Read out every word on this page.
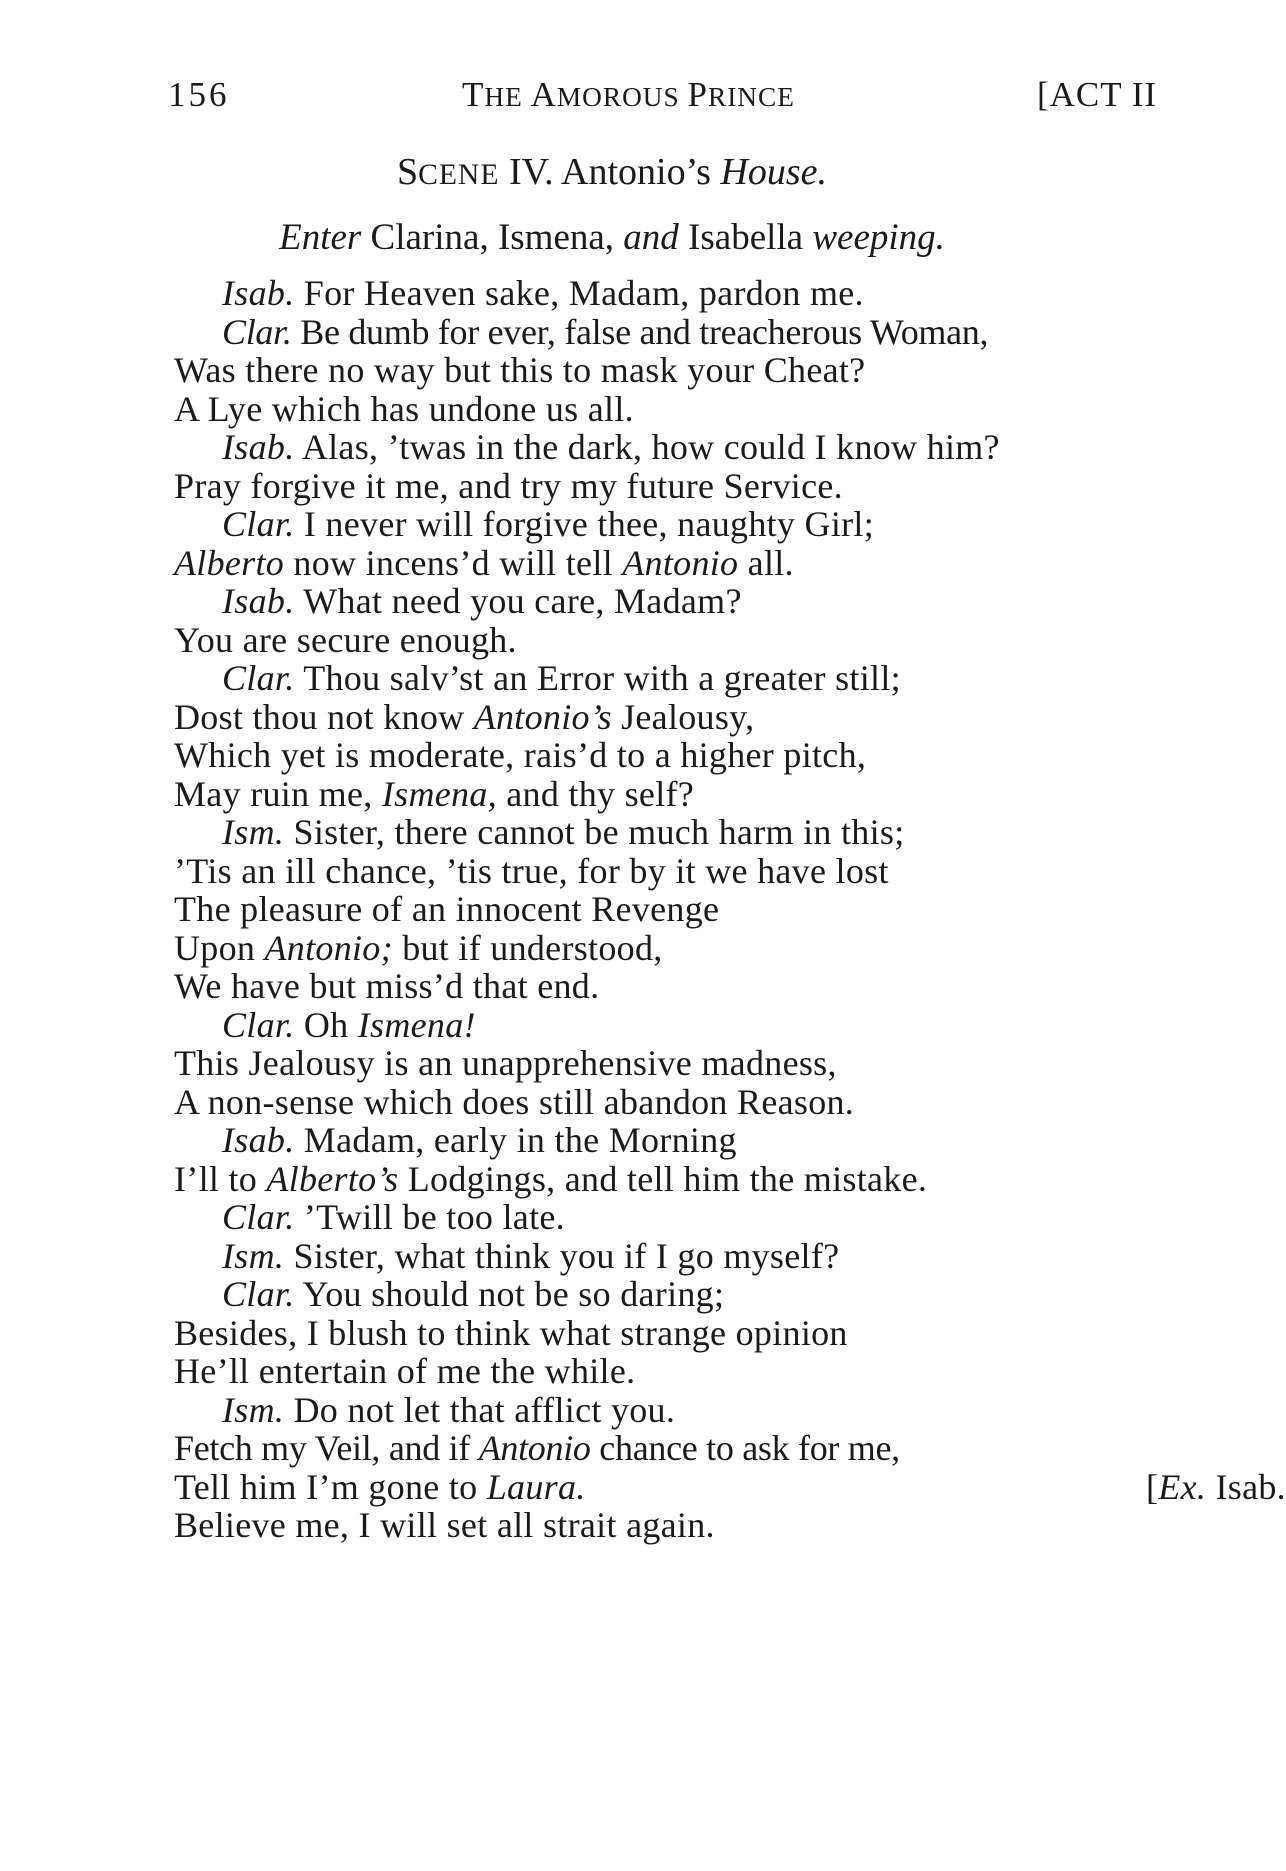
156	THE AMOROUS PRINCE	[ACT II
SCENE IV. Antonio’s House.
Enter Clarina, Ismena, and Isabella weeping.
Isab. For Heaven sake, Madam, pardon me.
Clar. Be dumb for ever, false and treacherous Woman,
Was there no way but this to mask your Cheat?
A Lye which has undone us all.
Isab. Alas, ’twas in the dark, how could I know him?
Pray forgive it me, and try my future Service.
Clar. I never will forgive thee, naughty Girl;
Alberto now incens’d will tell Antonio all.
Isab. What need you care, Madam?
You are secure enough.
Clar. Thou salv’st an Error with a greater still;
Dost thou not know Antonio’s Jealousy,
Which yet is moderate, rais’d to a higher pitch,
May ruin me, Ismena, and thy self?
Ism. Sister, there cannot be much harm in this;
’Tis an ill chance, ’tis true, for by it we have lost
The pleasure of an innocent Revenge
Upon Antonio; but if understood,
We have but miss’d that end.
Clar. Oh Ismena!
This Jealousy is an unapprehensive madness,
A non-sense which does still abandon Reason.
Isab. Madam, early in the Morning
I’ll to Alberto’s Lodgings, and tell him the mistake.
Clar. ’Twill be too late.
Ism. Sister, what think you if I go myself?
Clar. You should not be so daring;
Besides, I blush to think what strange opinion
He’ll entertain of me the while.
Ism. Do not let that afflict you.
Fetch my Veil, and if Antonio chance to ask for me,
Tell him I’m gone to Laura.	[Ex. Isab.
Believe me, I will set all strait again.
